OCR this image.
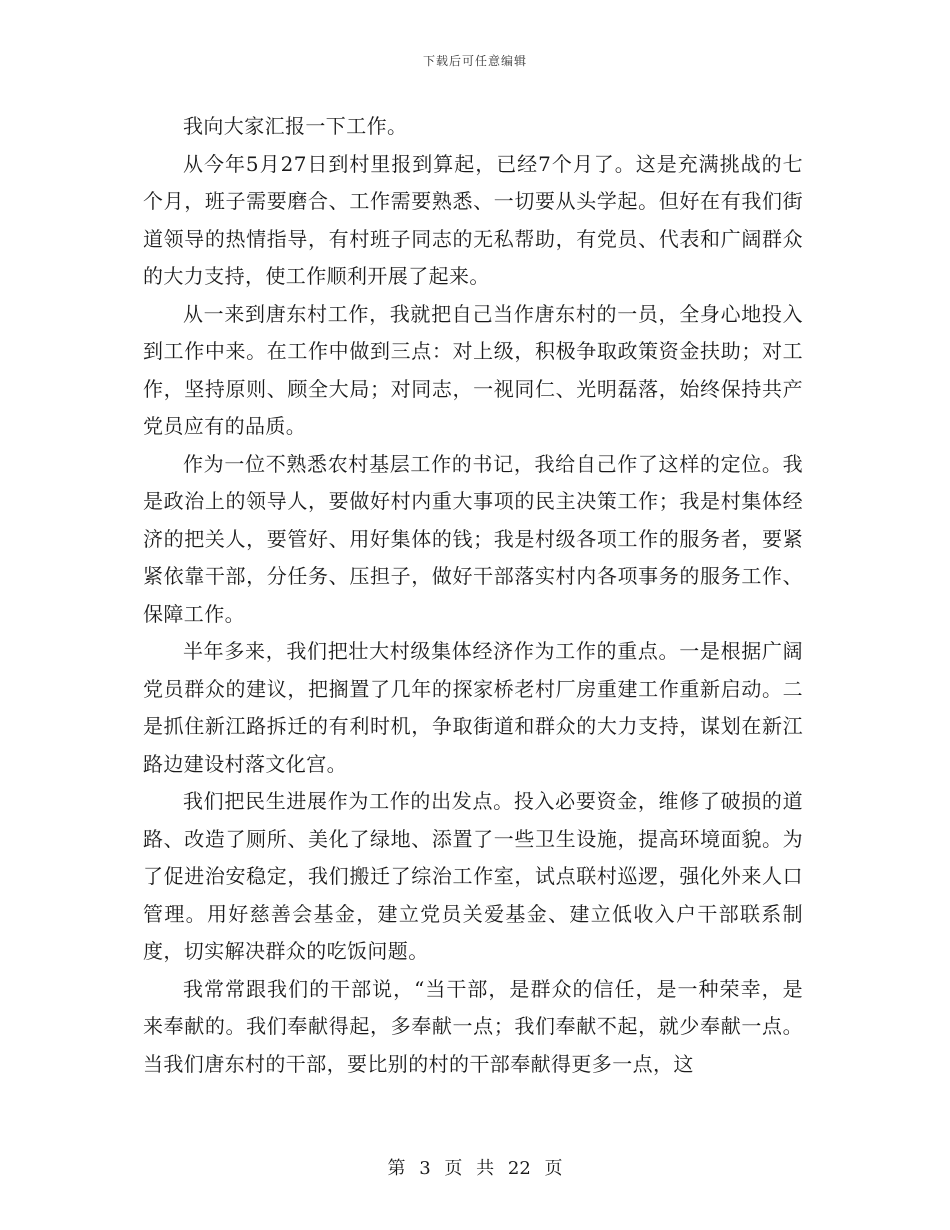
下载后可任意编辑

我向大家汇报一下工作。

从今年5月27日到村里报到算起，已经7个月了。这是充满挑战的七个月，班子需要磨合、工作需要熟悉、一切要从头学起。但好在有我们街道领导的热情指导，有村班子同志的无私帮助，有党员、代表和广阔群众的大力支持，使工作顺利开展了起来。

从一来到唐东村工作，我就把自己当作唐东村的一员，全身心地投入到工作中来。在工作中做到三点：对上级，积极争取政策资金扶助；对工作，坚持原则、顾全大局；对同志，一视同仁、光明磊落，始终保持共产党员应有的品质。

作为一位不熟悉农村基层工作的书记，我给自己作了这样的定位。我是政治上的领导人，要做好村内重大事项的民主决策工作；我是村集体经济的把关人，要管好、用好集体的钱；我是村级各项工作的服务者，要紧紧依靠干部，分任务、压担子，做好干部落实村内各项事务的服务工作、保障工作。

半年多来，我们把壮大村级集体经济作为工作的重点。一是根据广阔党员群众的建议，把搁置了几年的探家桥老村厂房重建工作重新启动。二是抓住新江路拆迁的有利时机，争取街道和群众的大力支持，谋划在新江路边建设村落文化宫。

我们把民生进展作为工作的出发点。投入必要资金，维修了破损的道路、改造了厕所、美化了绿地、添置了一些卫生设施，提高环境面貌。为了促进治安稳定，我们搬迁了综治工作室，试点联村巡逻，强化外来人口管理。用好慈善会基金，建立党员关爱基金、建立低收入户干部联系制度，切实解决群众的吃饭问题。

我常常跟我们的干部说，“当干部，是群众的信任，是一种荣幸，是来奉献的。我们奉献得起，多奉献一点；我们奉献不起，就少奉献一点。当我们唐东村的干部，要比别的村的干部奉献得更多一点，这

第 3 页 共 22 页
